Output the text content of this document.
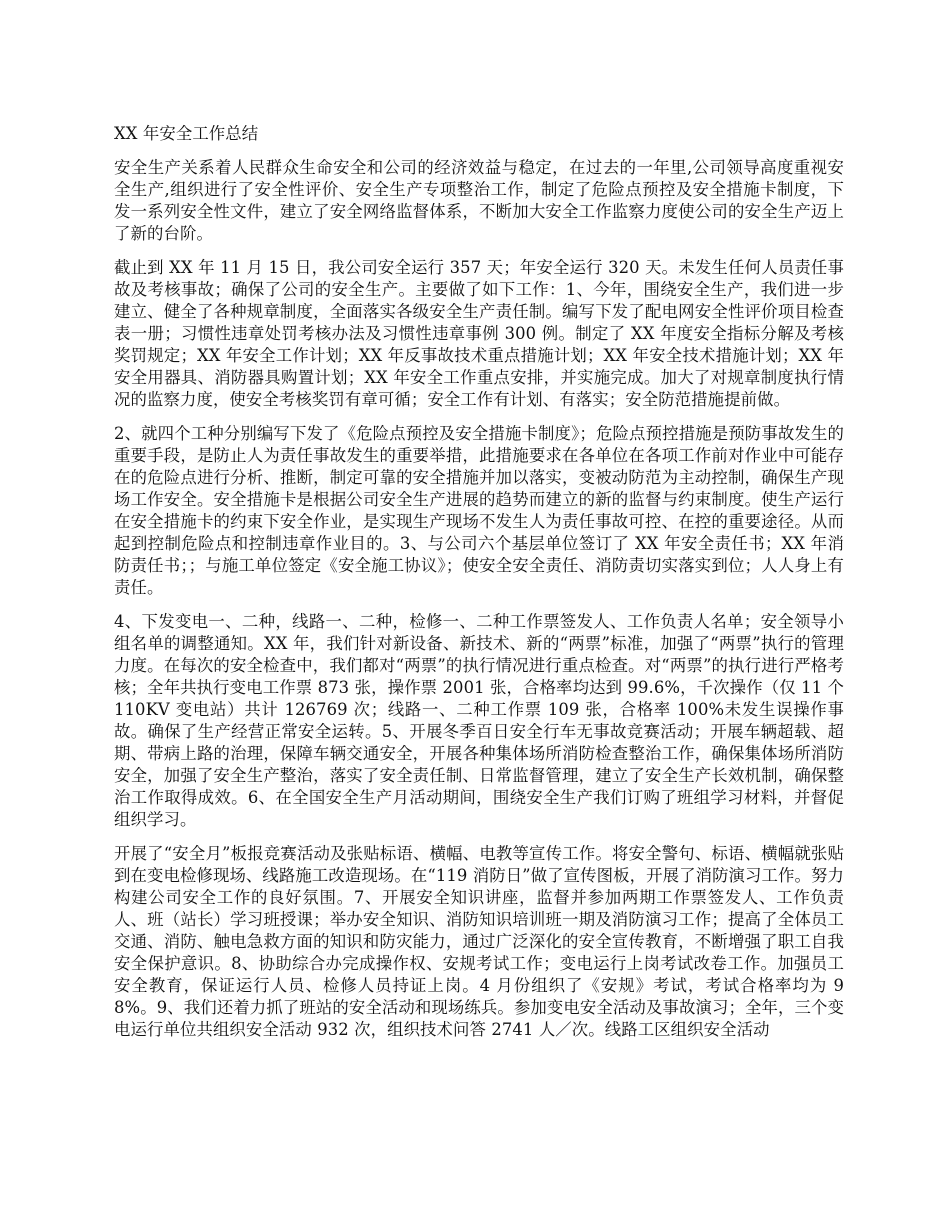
XX 年安全工作总结

安全生产关系着人民群众生命安全和公司的经济效益与稳定，在过去的一年里,公司领导高度重视安全生产,组织进行了安全性评价、安全生产专项整治工作，制定了危险点预控及安全措施卡制度，下发一系列安全性文件，建立了安全网络监督体系，不断加大安全工作监察力度使公司的安全生产迈上了新的台阶。

截止到 XX 年 11 月 15 日，我公司安全运行 357 天；年安全运行 320 天。未发生任何人员责任事故及考核事故；确保了公司的安全生产。主要做了如下工作：1、今年，围绕安全生产，我们进一步建立、健全了各种规章制度，全面落实各级安全生产责任制。编写下发了配电网安全性评价项目检查表一册；习惯性违章处罚考核办法及习惯性违章事例 300 例。制定了 XX 年度安全指标分解及考核奖罚规定；XX 年安全工作计划；XX 年反事故技术重点措施计划；XX 年安全技术措施计划；XX 年安全用器具、消防器具购置计划；XX 年安全工作重点安排，并实施完成。加大了对规章制度执行情况的监察力度，使安全考核奖罚有章可循；安全工作有计划、有落实；安全防范措施提前做。

2、就四个工种分别编写下发了《危险点预控及安全措施卡制度》；危险点预控措施是预防事故发生的重要手段，是防止人为责任事故发生的重要举措，此措施要求在各单位在各项工作前对作业中可能存在的危险点进行分析、推断，制定可靠的安全措施并加以落实，变被动防范为主动控制，确保生产现场工作安全。安全措施卡是根据公司安全生产进展的趋势而建立的新的监督与约束制度。使生产运行在安全措施卡的约束下安全作业，是实现生产现场不发生人为责任事故可控、在控的重要途径。从而起到控制危险点和控制违章作业目的。3、与公司六个基层单位签订了 XX 年安全责任书；XX 年消防责任书；；与施工单位签定《安全施工协议》；使安全安全责任、消防责切实落实到位；人人身上有责任。

4、下发变电一、二种，线路一、二种，检修一、二种工作票签发人、工作负责人名单；安全领导小组名单的调整通知。XX 年，我们针对新设备、新技术、新的“两票”标准，加强了“两票”执行的管理力度。在每次的安全检查中，我们都对“两票”的执行情况进行重点检查。对“两票”的执行进行严格考核；全年共执行变电工作票 873 张，操作票 2001 张，合格率均达到 99.6%，千次操作（仅 11 个 110KV 变电站）共计 126769 次；线路一、二种工作票 109 张，合格率 100%未发生误操作事故。确保了生产经营正常安全运转。5、开展冬季百日安全行车无事故竞赛活动；开展车辆超载、超期、带病上路的治理，保障车辆交通安全，开展各种集体场所消防检查整治工作，确保集体场所消防安全，加强了安全生产整治，落实了安全责任制、日常监督管理，建立了安全生产长效机制，确保整治工作取得成效。6、在全国安全生产月活动期间，围绕安全生产我们订购了班组学习材料，并督促组织学习。

开展了“安全月”板报竞赛活动及张贴标语、横幅、电教等宣传工作。将安全警句、标语、横幅就张贴到在变电检修现场、线路施工改造现场。在“119 消防日”做了宣传图板，开展了消防演习工作。努力构建公司安全工作的良好氛围。7、开展安全知识讲座，监督并参加两期工作票签发人、工作负责人、班（站长）学习班授课；举办安全知识、消防知识培训班一期及消防演习工作；提高了全体员工交通、消防、触电急救方面的知识和防灾能力，通过广泛深化的安全宣传教育，不断增强了职工自我安全保护意识。8、协助综合办完成操作权、安规考试工作；变电运行上岗考试改卷工作。加强员工安全教育，保证运行人员、检修人员持证上岗。4 月份组织了《安规》考试，考试合格率均为 98%。9、我们还着力抓了班站的安全活动和现场练兵。参加变电安全活动及事故演习；全年，三个变电运行单位共组织安全活动 932 次，组织技术问答 2741 人／次。线路工区组织安全活动
